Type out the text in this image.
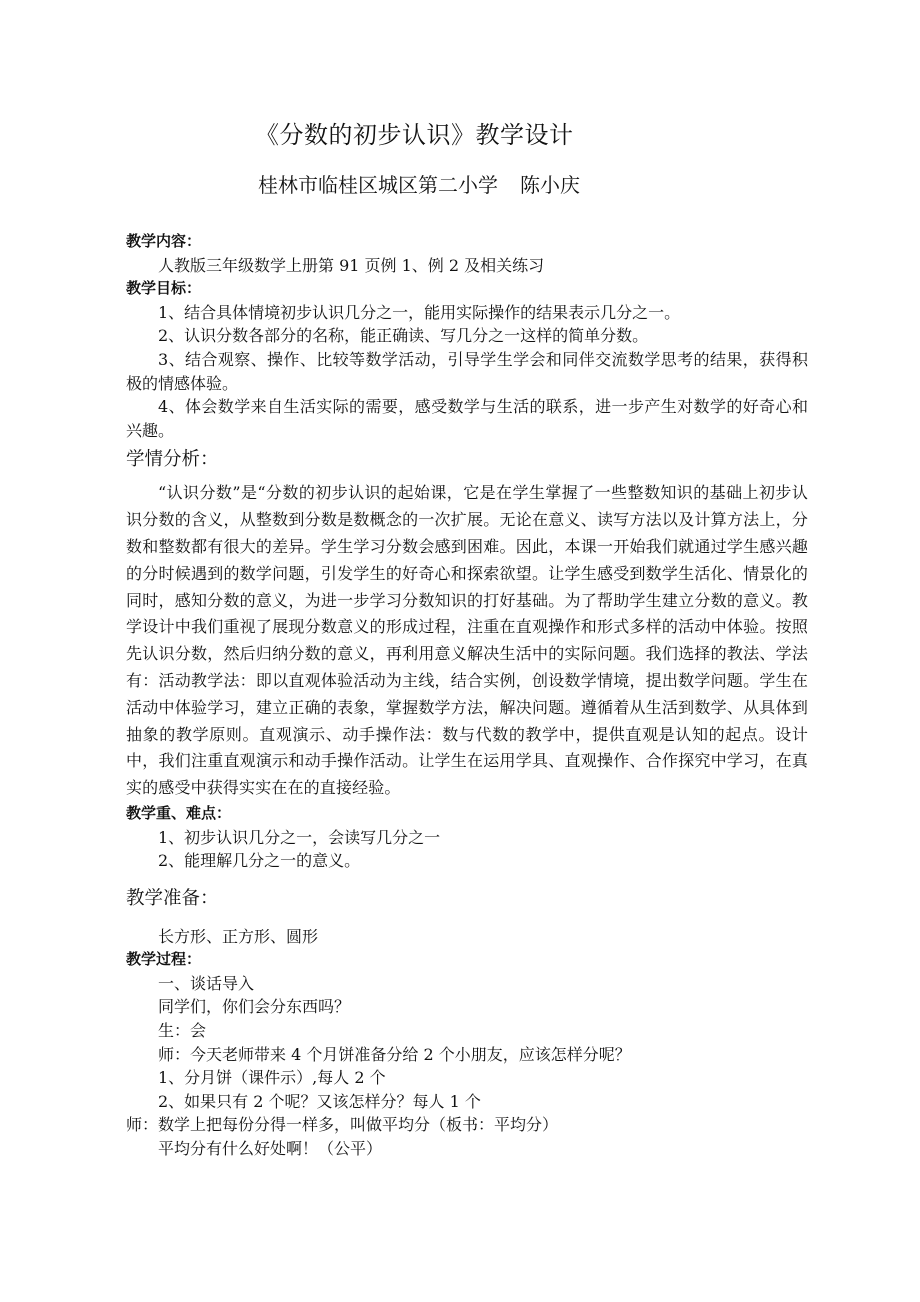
《分数的初步认识》教学设计
桂林市临桂区城区第二小学 陈小庆

教学内容：

人教版三年级数学上册第 91 页例 1、例 2 及相关练习

教学目标：

1、结合具体情境初步认识几分之一，能用实际操作的结果表示几分之一。

2、认识分数各部分的名称，能正确读、写几分之一这样的简单分数。

3、结合观察、操作、比较等数学活动，引导学生学会和同伴交流数学思考的结果，获得积极的情感体验。

4、体会数学来自生活实际的需要，感受数学与生活的联系，进一步产生对数学的好奇心和兴趣。

学情分析：

“认识分数”是“分数的初步认识的起始课，它是在学生掌握了一些整数知识的基础上初步认识分数的含义，从整数到分数是数概念的一次扩展。无论在意义、读写方法以及计算方法上，分数和整数都有很大的差异。学生学习分数会感到困难。因此，本课一开始我们就通过学生感兴趣的分时候遇到的数学问题，引发学生的好奇心和探索欲望。让学生感受到数学生活化、情景化的同时，感知分数的意义，为进一步学习分数知识的打好基础。为了帮助学生建立分数的意义。教学设计中我们重视了展现分数意义的形成过程，注重在直观操作和形式多样的活动中体验。按照先认识分数，然后归纳分数的意义，再利用意义解决生活中的实际问题。我们选择的教法、学法有：活动教学法：即以直观体验活动为主线，结合实例，创设数学情境，提出数学问题。学生在活动中体验学习，建立正确的表象，掌握数学方法，解决问题。遵循着从生活到数学、从具体到抽象的教学原则。直观演示、动手操作法：数与代数的教学中，提供直观是认知的起点。设计中，我们注重直观演示和动手操作活动。让学生在运用学具、直观操作、合作探究中学习，在真实的感受中获得实实在在的直接经验。

教学重、难点：

1、初步认识几分之一，会读写几分之一

2、能理解几分之一的意义。

教学准备：

长方形、正方形、圆形

教学过程：

一、谈话导入

同学们，你们会分东西吗？

生：会

师：今天老师带来 4 个月饼准备分给 2 个小朋友，应该怎样分呢？

1、分月饼（课件示）,每人 2 个

2、如果只有 2 个呢？又该怎样分？每人 1 个

师：数学上把每份分得一样多，叫做平均分（板书：平均分）

平均分有什么好处啊！（公平）
